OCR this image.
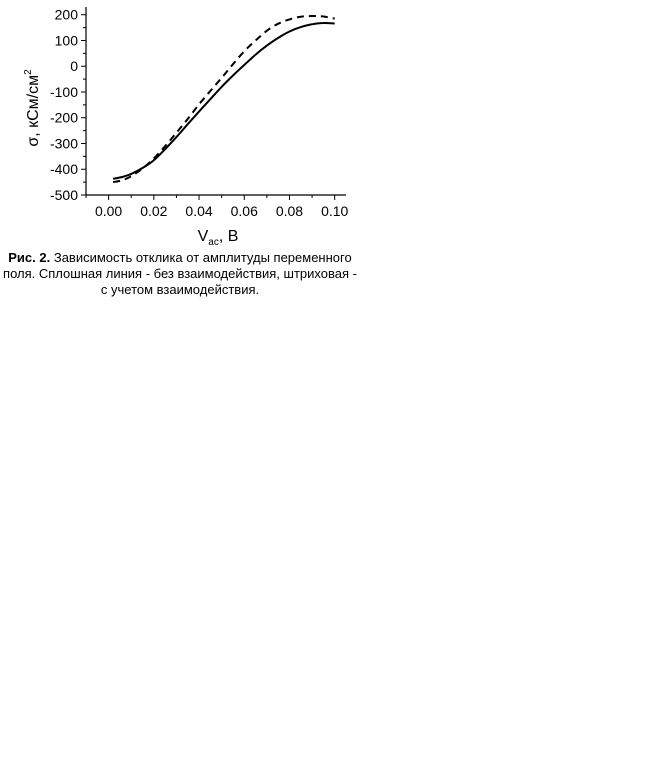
0.00 0.02 0.04 0.06 0.08 0.10
-500
-400
-300
-200
-100
0
100
200
$V_{ac}$, B
σ, кСм/$см^2$
Рис. 2. Зависимость отклика от амплитуды переменного поля. Сплошная линия - без взаимодействия, штриховая - с учетом взаимодействия.
